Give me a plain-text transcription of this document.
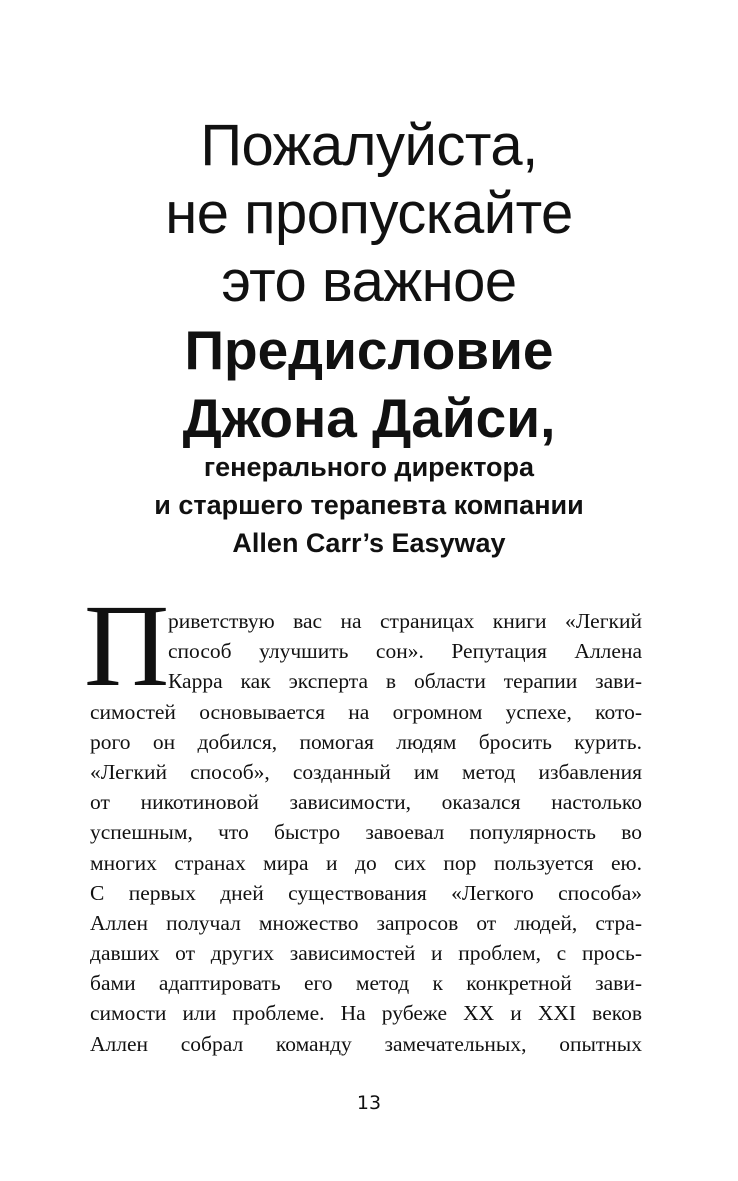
Пожалуйста,
не пропускайте
это важное
Предисловие
Джона Дайси,
генерального директора
и старшего терапевта компании
Allen Carr’s Easyway
П
риветствую вас на страницах книги «Легкий
способ улучшить сон». Репутация Аллена
Карра как эксперта в области терапии зави-
симостей основывается на огромном успехе, кото-
рого он добился, помогая людям бросить курить.
«Легкий способ», созданный им метод избавления
от никотиновой зависимости, оказался настолько
успешным, что быстро завоевал популярность во
многих странах мира и до сих пор пользуется ею.
С первых дней существования «Легкого способа»
Аллен получал множество запросов от людей, стра-
давших от других зависимостей и проблем, с прось-
бами адаптировать его метод к конкретной зави-
симости или проблеме. На рубеже XX и XXI веков
Аллен собрал команду замечательных, опытных
13
